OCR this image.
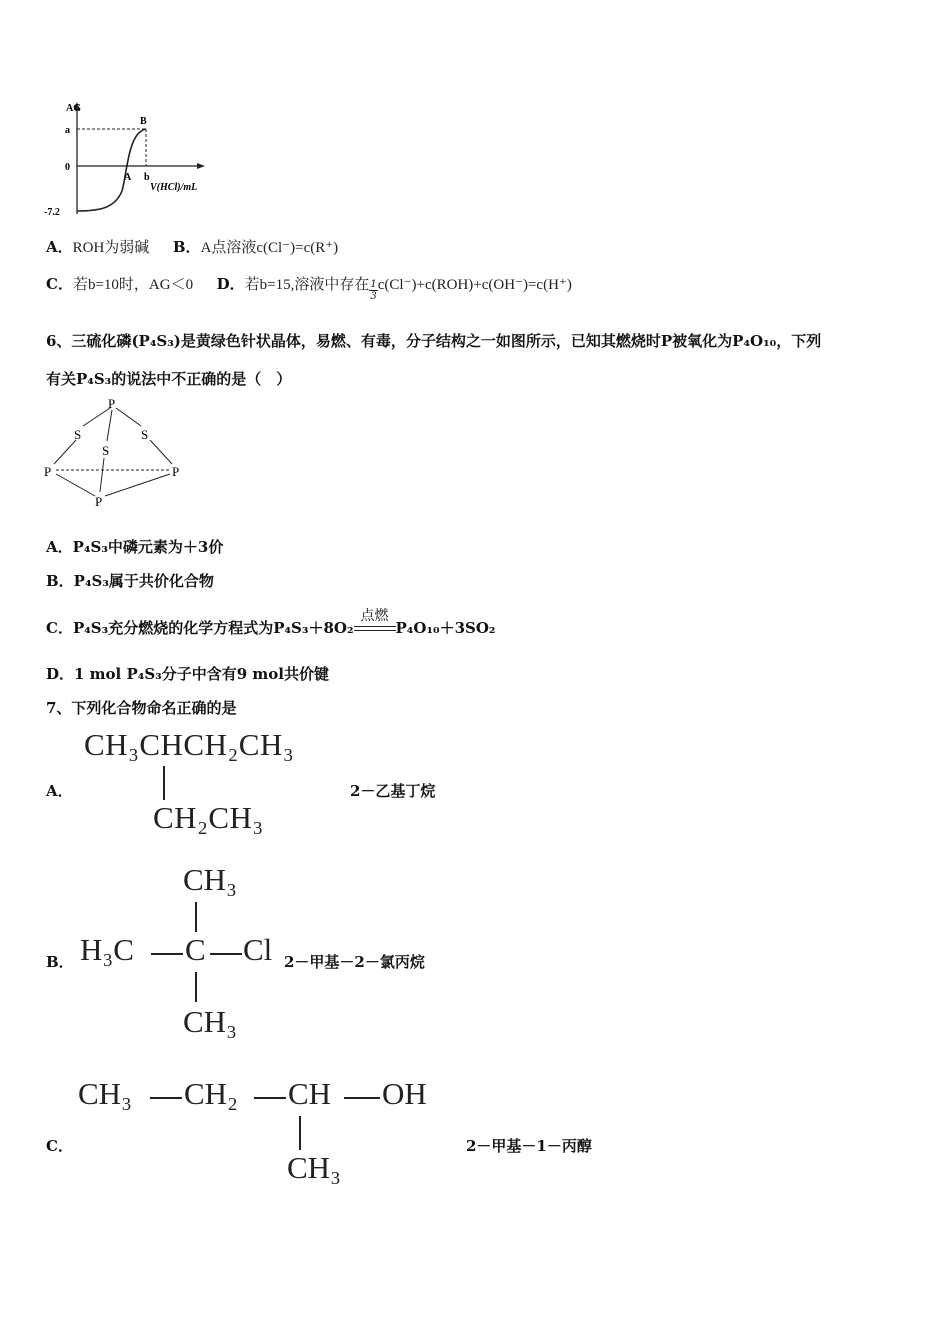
AG
a
0
-7.2
B
A b
V(HCl)/mL
A．ROH为弱碱 B．A点溶液c(Cl⁻)=c(R⁺)
C．若b=10时，AG＜0 D．若b=15,溶液中存在 $\frac{1}{3} c(Cl^-)+c(ROH)+c(OH^-)=c(H^+)$
6、三硫化磷(P₄S₃)是黄绿色针状晶体，易燃、有毒，分子结构之一如图所示，已知其燃烧时P被氧化为P₄O₁₀，下列
有关P₄S₃的说法中不正确的是（　）
P
S	S
S
P	P
P
A．P₄S₃中磷元素为＋3价
B．P₄S₃属于共价化合物
C．P₄S₃充分燃烧的化学方程式为P₄S₃＋8O₂
点燃
P₄O₁₀＋3SO₂
D．1 mol P₄S₃分子中含有9 mol共价键
7、下列化合物命名正确的是
A．
CH₃CHCH₂CH₃
CH₂CH₃
2－乙基丁烷
B．
CH₃
H₃C C Cl
CH₃
2－甲基－2－氯丙烷
C．
CH₃ CH₂ CH OH
CH₃
2－甲基－1－丙醇
